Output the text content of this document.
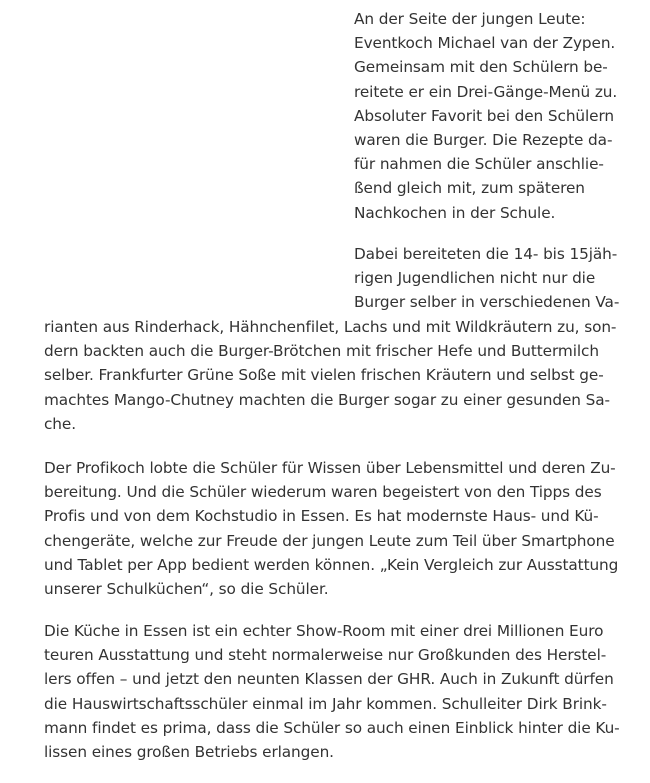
An der Seite der jungen Leute:
Eventkoch Michael van der Zypen.
Gemeinsam mit den Schülern be-
reitete er ein Drei-Gänge-Menü zu.
Absoluter Favorit bei den Schülern
waren die Burger. Die Rezepte da-
für nahmen die Schüler anschlie-
ßend gleich mit, zum späteren
Nachkochen in der Schule.

Dabei bereiteten die 14- bis 15jäh-
rigen Jugendlichen nicht nur die
Burger selber in verschiedenen Va-

rianten aus Rinderhack, Hähnchenfilet, Lachs und mit Wildkräutern zu, son-
dern backten auch die Burger-Brötchen mit frischer Hefe und Buttermilch
selber. Frankfurter Grüne Soße mit vielen frischen Kräutern und selbst ge-
machtes Mango-Chutney machten die Burger sogar zu einer gesunden Sa-
che.

Der Profikoch lobte die Schüler für Wissen über Lebensmittel und deren Zu-
bereitung. Und die Schüler wiederum waren begeistert von den Tipps des
Profis und von dem Kochstudio in Essen. Es hat modernste Haus- und Kü-
chengeräte, welche zur Freude der jungen Leute zum Teil über Smartphone
und Tablet per App bedient werden können. „Kein Vergleich zur Ausstattung
unserer Schulküchen“, so die Schüler.

Die Küche in Essen ist ein echter Show-Room mit einer drei Millionen Euro
teuren Ausstattung und steht normalerweise nur Großkunden des Herstel-
lers offen – und jetzt den neunten Klassen der GHR. Auch in Zukunft dürfen
die Hauswirtschaftsschüler einmal im Jahr kommen. Schulleiter Dirk Brink-
mann findet es prima, dass die Schüler so auch einen Einblick hinter die Ku-
lissen eines großen Betriebs erlangen.
